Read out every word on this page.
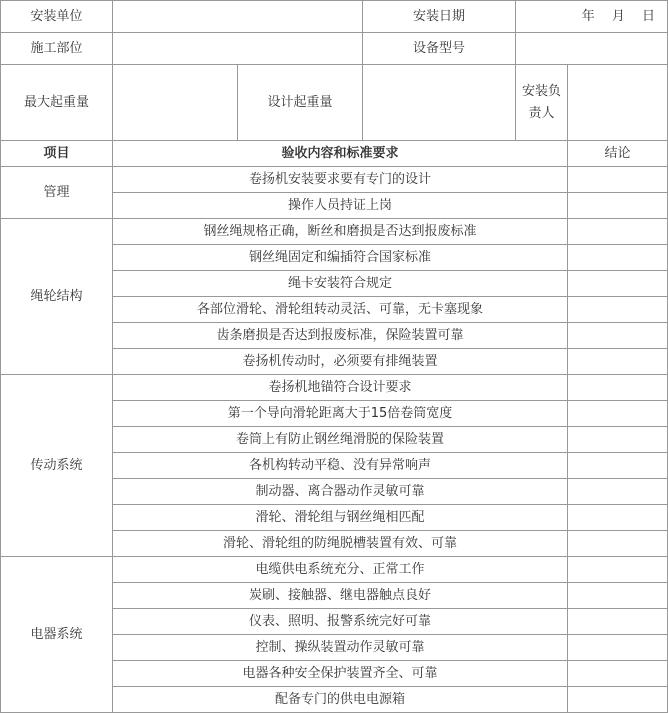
安装单位			安装日期	年　 月　 日	
施工部位			设备型号		
最大起重量		设计起重量		安装负责人	
项目	验收内容和标准要求				结论
管理	卷扬机安装要求要有专门的设计				
	操作人员持证上岗				
绳轮结构	钢丝绳规格正确，断丝和磨损是否达到报废标准				
	钢丝绳固定和编插符合国家标准				
	绳卡安装符合规定				
	各部位滑轮、滑轮组转动灵活、可靠，无卡塞现象				
	齿条磨损是否达到报废标准，保险装置可靠				
	卷扬机传动时，必须要有排绳装置				
传动系统	卷扬机地锚符合设计要求				
	第一个导向滑轮距离大于15倍卷筒宽度				
	卷筒上有防止钢丝绳滑脱的保险装置				
	各机构转动平稳、没有异常响声				
	制动器、离合器动作灵敏可靠				
	滑轮、滑轮组与钢丝绳相匹配				
	滑轮、滑轮组的防绳脱槽装置有效、可靠				
电器系统	电缆供电系统充分、正常工作				
	炭刷、接触器、继电器触点良好				
	仪表、照明、报警系统完好可靠				
	控制、操纵装置动作灵敏可靠				
	电器各种安全保护装置齐全、可靠				
	配备专门的供电电源箱				
